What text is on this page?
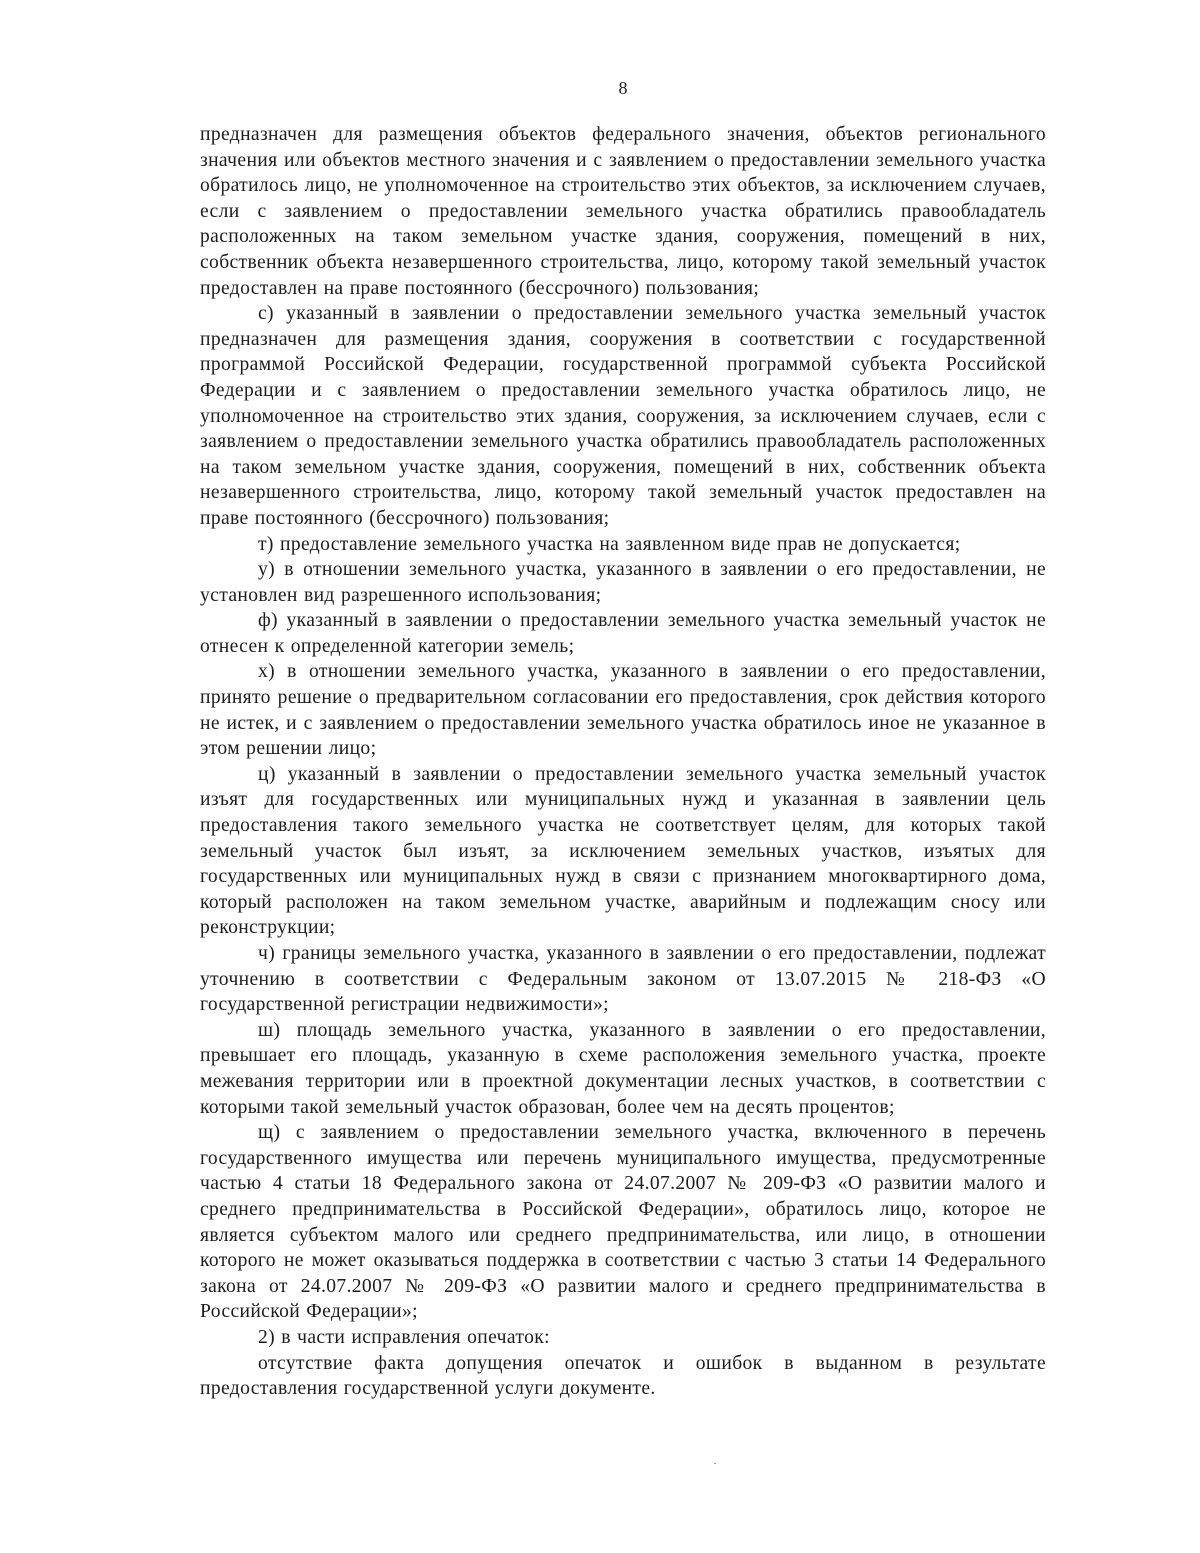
8

предназначен для размещения объектов федерального значения, объектов регионального значения или объектов местного значения и с заявлением о предоставлении земельного участка обратилось лицо, не уполномоченное на строительство этих объектов, за исключением случаев, если с заявлением о предоставлении земельного участка обратились правообладатель расположенных на таком земельном участке здания, сооружения, помещений в них, собственник объекта незавершенного строительства, лицо, которому такой земельный участок предоставлен на праве постоянного (бессрочного) пользования;

с) указанный в заявлении о предоставлении земельного участка земельный участок предназначен для размещения здания, сооружения в соответствии с государственной программой Российской Федерации, государственной программой субъекта Российской Федерации и с заявлением о предоставлении земельного участка обратилось лицо, не уполномоченное на строительство этих здания, сооружения, за исключением случаев, если с заявлением о предоставлении земельного участка обратились правообладатель расположенных на таком земельном участке здания, сооружения, помещений в них, собственник объекта незавершенного строительства, лицо, которому такой земельный участок предоставлен на праве постоянного (бессрочного) пользования;

т) предоставление земельного участка на заявленном виде прав не допускается;

у) в отношении земельного участка, указанного в заявлении о его предоставлении, не установлен вид разрешенного использования;

ф) указанный в заявлении о предоставлении земельного участка земельный участок не отнесен к определенной категории земель;

х) в отношении земельного участка, указанного в заявлении о его предоставлении, принято решение о предварительном согласовании его предоставления, срок действия которого не истек, и с заявлением о предоставлении земельного участка обратилось иное не указанное в этом решении лицо;

ц) указанный в заявлении о предоставлении земельного участка земельный участок изъят для государственных или муниципальных нужд и указанная в заявлении цель предоставления такого земельного участка не соответствует целям, для которых такой земельный участок был изъят, за исключением земельных участков, изъятых для государственных или муниципальных нужд в связи с признанием многоквартирного дома, который расположен на таком земельном участке, аварийным и подлежащим сносу или реконструкции;

ч) границы земельного участка, указанного в заявлении о его предоставлении, подлежат уточнению в соответствии с Федеральным законом от 13.07.2015 № 218-ФЗ «О государственной регистрации недвижимости»;

ш) площадь земельного участка, указанного в заявлении о его предоставлении, превышает его площадь, указанную в схеме расположения земельного участка, проекте межевания территории или в проектной документации лесных участков, в соответствии с которыми такой земельный участок образован, более чем на десять процентов;

щ) с заявлением о предоставлении земельного участка, включенного в перечень государственного имущества или перечень муниципального имущества, предусмотренные частью 4 статьи 18 Федерального закона от 24.07.2007 № 209-ФЗ «О развитии малого и среднего предпринимательства в Российской Федерации», обратилось лицо, которое не является субъектом малого или среднего предпринимательства, или лицо, в отношении которого не может оказываться поддержка в соответствии с частью 3 статьи 14 Федерального закона от 24.07.2007 № 209-ФЗ «О развитии малого и среднего предпринимательства в Российской Федерации»;

2) в части исправления опечаток:

отсутствие факта допущения опечаток и ошибок в выданном в результате предоставления государственной услуги документе.
